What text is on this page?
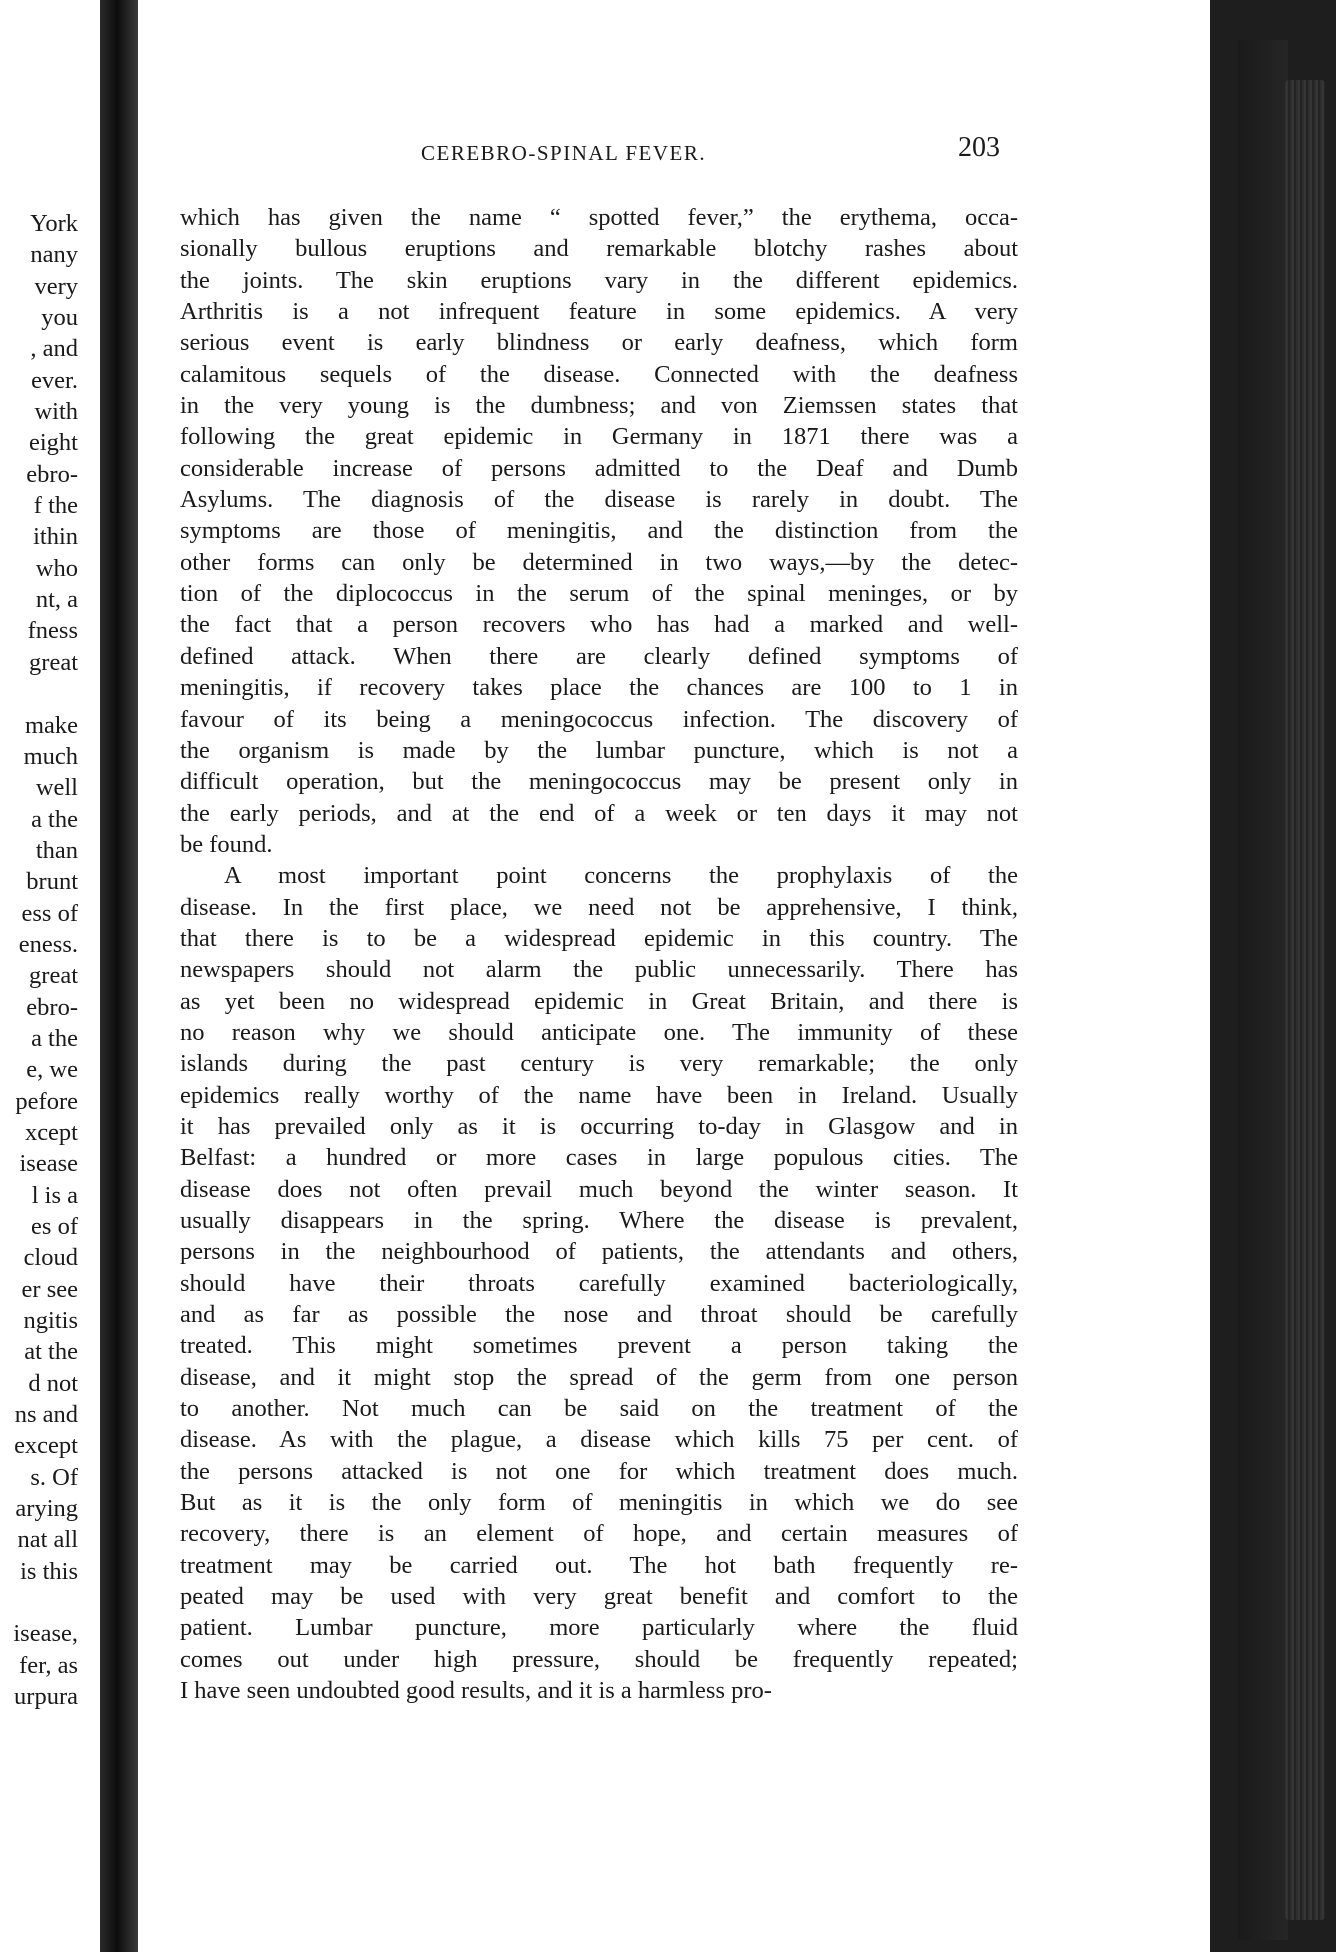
York
nany
very
you
, and
ever.
with
eight
ebro-
f the
ithin
who
nt, a
fness
great

make
much
well
a the
than
brunt
ess of
eness.
great
ebro-
a the
e, we
pefore
xcept
isease
l is a
es of
cloud
er see
ngitis
at the
d not
ns and
except
s. Of
arying
nat all
is this

isease,
fer, as
urpura
CEREBRO-SPINAL FEVER.	203
which has given the name “ spotted fever,” the erythema, occa-
sionally bullous eruptions and remarkable blotchy rashes about
the joints. The skin eruptions vary in the different epidemics.
Arthritis is a not infrequent feature in some epidemics. A very
serious event is early blindness or early deafness, which form
calamitous sequels of the disease. Connected with the deafness
in the very young is the dumbness; and von Ziemssen states that
following the great epidemic in Germany in 1871 there was a
considerable increase of persons admitted to the Deaf and Dumb
Asylums. The diagnosis of the disease is rarely in doubt. The
symptoms are those of meningitis, and the distinction from the
other forms can only be determined in two ways,—by the detec-
tion of the diplococcus in the serum of the spinal meninges, or by
the fact that a person recovers who has had a marked and well-
defined attack. When there are clearly defined symptoms of
meningitis, if recovery takes place the chances are 100 to 1 in
favour of its being a meningococcus infection. The discovery of
the organism is made by the lumbar puncture, which is not a
difficult operation, but the meningococcus may be present only in
the early periods, and at the end of a week or ten days it may not
be found.
A most important point concerns the prophylaxis of the
disease. In the first place, we need not be apprehensive, I think,
that there is to be a widespread epidemic in this country. The
newspapers should not alarm the public unnecessarily. There has
as yet been no widespread epidemic in Great Britain, and there is
no reason why we should anticipate one. The immunity of these
islands during the past century is very remarkable; the only
epidemics really worthy of the name have been in Ireland. Usually
it has prevailed only as it is occurring to-day in Glasgow and in
Belfast: a hundred or more cases in large populous cities. The
disease does not often prevail much beyond the winter season. It
usually disappears in the spring. Where the disease is prevalent,
persons in the neighbourhood of patients, the attendants and others,
should have their throats carefully examined bacteriologically,
and as far as possible the nose and throat should be carefully
treated. This might sometimes prevent a person taking the
disease, and it might stop the spread of the germ from one person
to another. Not much can be said on the treatment of the
disease. As with the plague, a disease which kills 75 per cent. of
the persons attacked is not one for which treatment does much.
But as it is the only form of meningitis in which we do see
recovery, there is an element of hope, and certain measures of
treatment may be carried out. The hot bath frequently re-
peated may be used with very great benefit and comfort to the
patient. Lumbar puncture, more particularly where the fluid
comes out under high pressure, should be frequently repeated;
I have seen undoubted good results, and it is a harmless pro-
